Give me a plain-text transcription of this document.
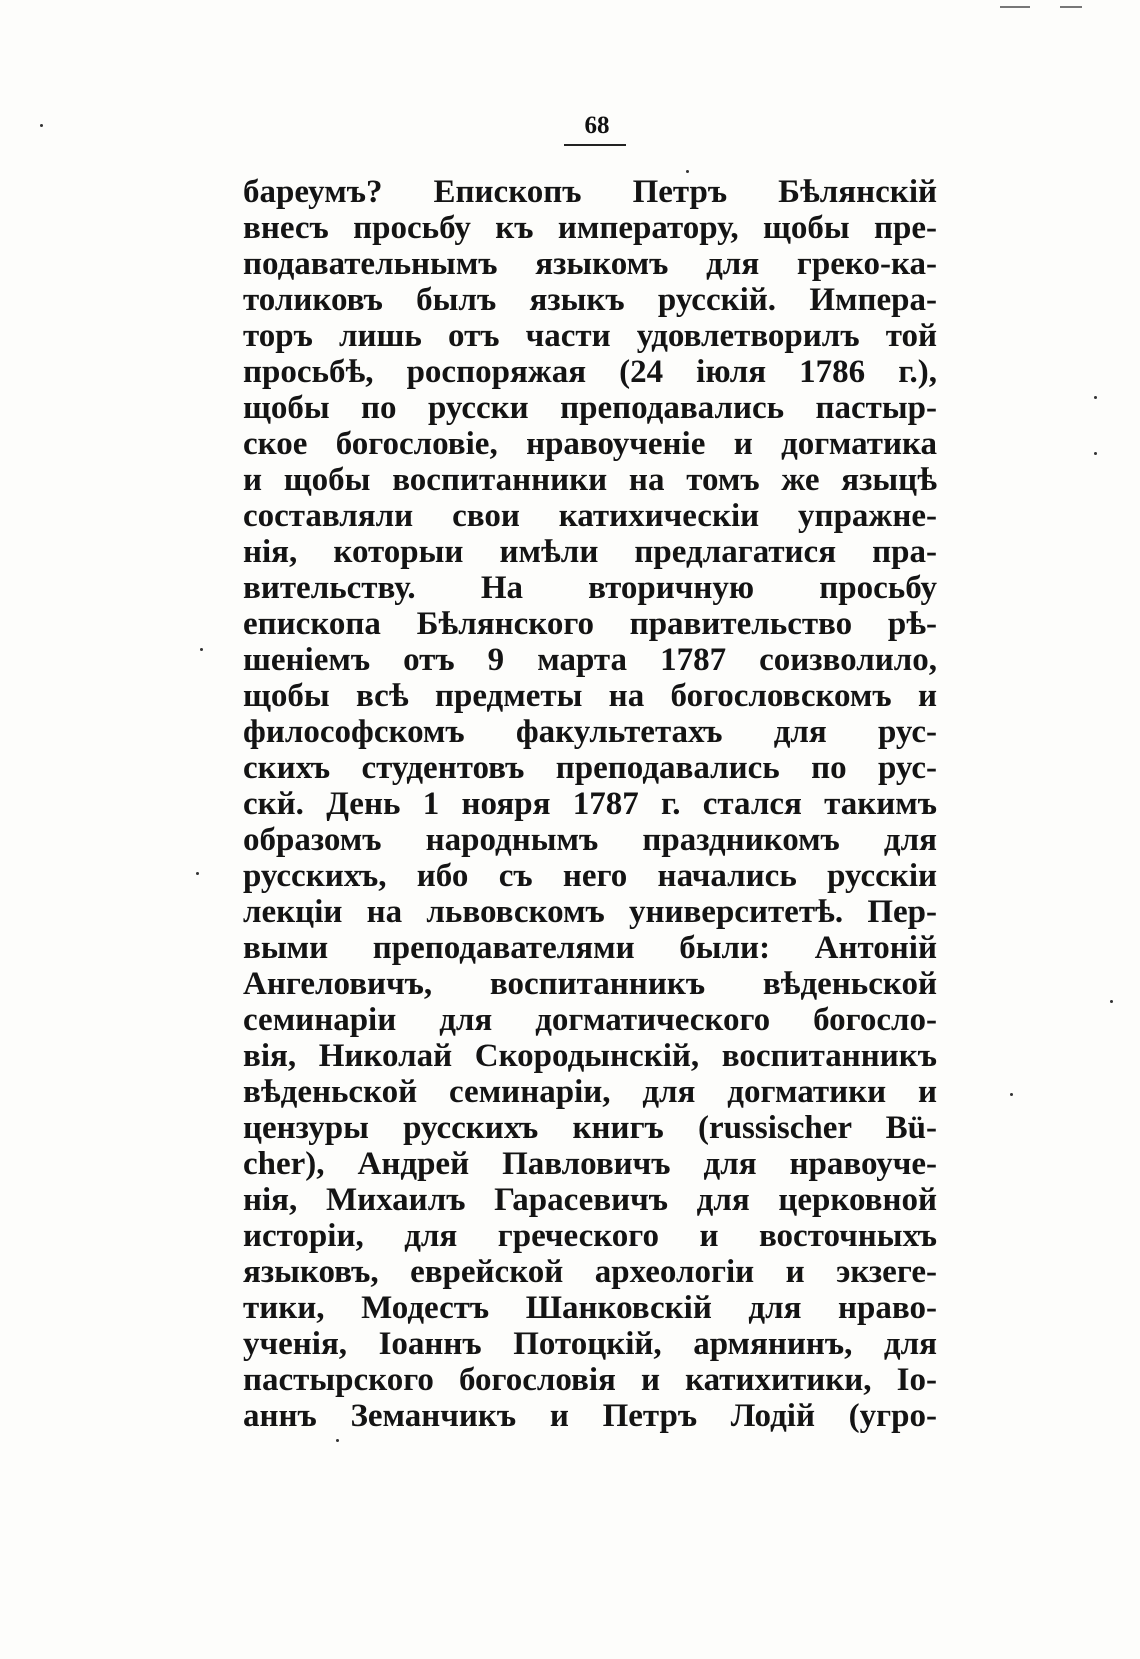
68
бареумъ? Епископъ Петръ Бѣлянскій
внесъ просьбу къ императору, щобы пре-
подавательнымъ языкомъ для греко-ка-
толиковъ былъ языкъ русскій. Импера-
торъ лишь отъ части удовлетворилъ той
просьбѣ, роспоряжая (24 іюля 1786 г.),
щобы по русски преподавались пастыр-
ское богословіе, нравоученіе и догматика
и щобы воспитанники на томъ же языцѣ
составляли свои катихическіи упражне-
нія, которыи имѣли предлагатися пра-
вительству. На вторичную просьбу
епископа Бѣлянского правительство рѣ-
шеніемъ отъ 9 марта 1787 соизволило,
щобы всѣ предметы на богословскомъ и
философскомъ факультетахъ для рус-
скихъ студентовъ преподавались по рус-
скй. День 1 нояря 1787 г. стался такимъ
образомъ народнымъ праздникомъ для
русскихъ, ибо съ него начались русскіи
лекціи на львовскомъ университетѣ. Пер-
выми преподавателями были: Антоній
Ангеловичъ, воспитанникъ вѣденьской
семинаріи для догматического богосло-
вія, Николай Скородынскій, воспитанникъ
вѣденьской семинаріи, для догматики и
цензуры русскихъ книгъ (russischer Bü-
cher), Андрей Павловичъ для нравоуче-
нія, Михаилъ Гарасевичъ для церковной
исторіи, для греческого и восточныхъ
языковъ, еврейской археологіи и экзеге-
тики, Модестъ Шанковскій для нраво-
ученія, Іоаннъ Потоцкій, армянинъ, для
пастырского богословія и катихитики, Іо-
аннъ Земанчикъ и Петръ Лодій (угро-
